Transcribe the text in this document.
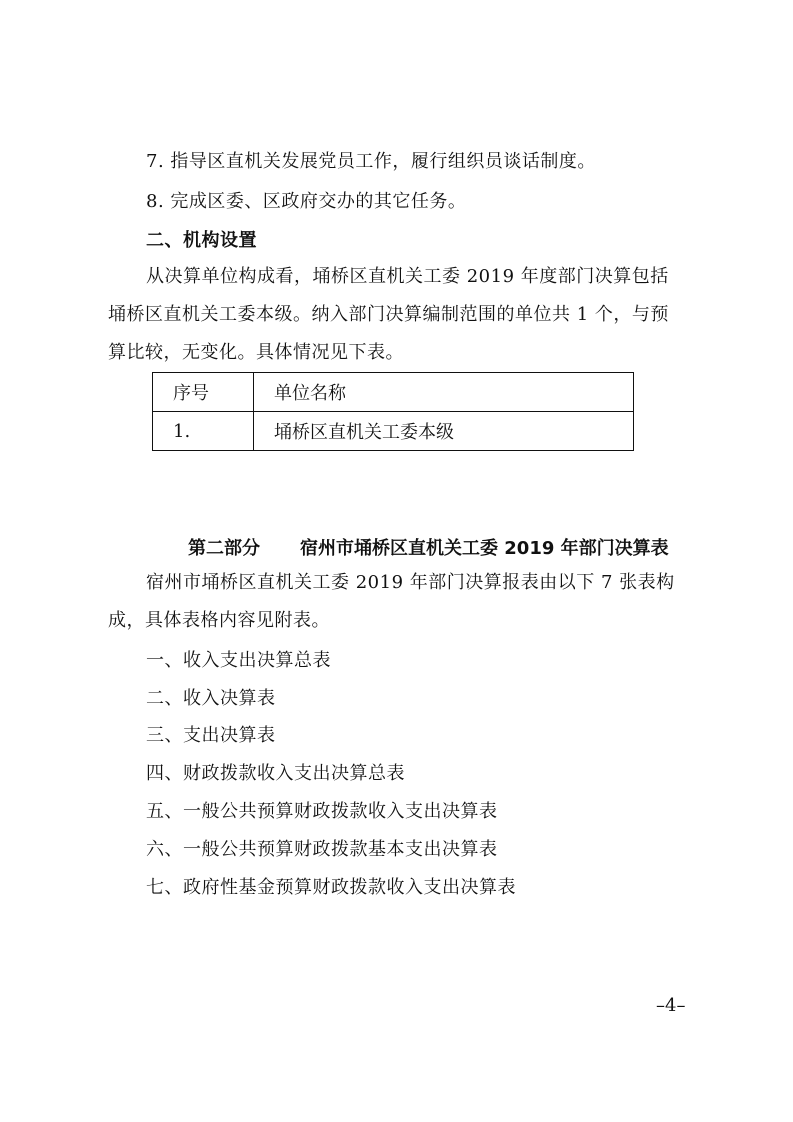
7. 指导区直机关发展党员工作，履行组织员谈话制度。
8. 完成区委、区政府交办的其它任务。
二、机构设置
从决算单位构成看，埇桥区直机关工委 2019 年度部门决算包括
埇桥区直机关工委本级。纳入部门决算编制范围的单位共 1 个，与预
算比较，无变化。具体情况见下表。
序号	单位名称
1.	埇桥区直机关工委本级
第二部分 宿州市埇桥区直机关工委 2019 年部门决算表
宿州市埇桥区直机关工委 2019 年部门决算报表由以下 7 张表构
成，具体表格内容见附表。
一、收入支出决算总表
二、收入决算表
三、支出决算表
四、财政拨款收入支出决算总表
五、一般公共预算财政拨款收入支出决算表
六、一般公共预算财政拨款基本支出决算表
七、政府性基金预算财政拨款收入支出决算表
–4–
